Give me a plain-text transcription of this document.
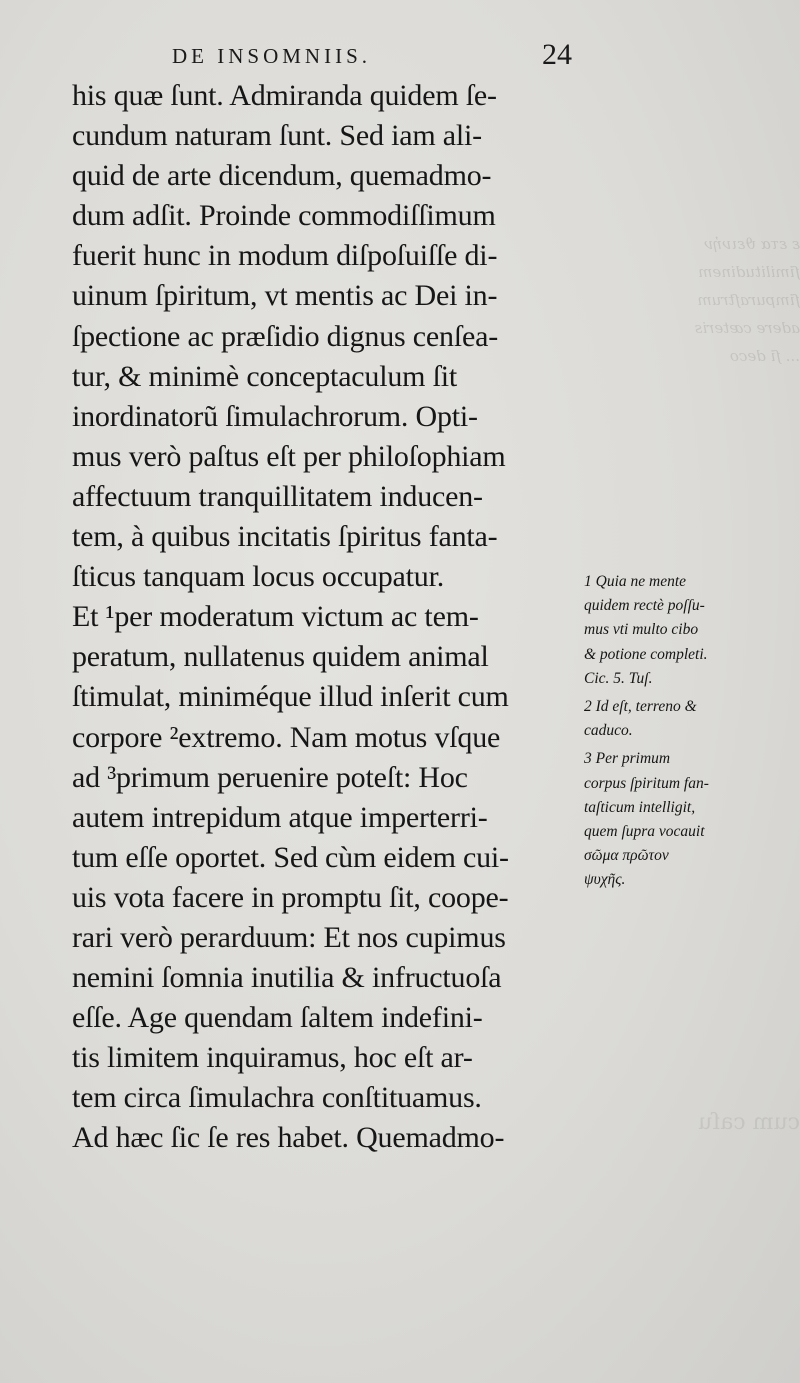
ε ετα ϑεινἠν
ſimilitudinem
ſimpuraſtrum
adere cæteris
... ſi deco
cum caſu
DE INSOMNIIS.	24
his quæ ſunt. Admiranda quidem ſe-
cundum naturam ſunt. Sed iam ali-
quid de arte dicendum, quemadmo-
dum adſit. Proinde commodiſſimum
fuerit hunc in modum diſpoſuiſſe di-
uinum ſpiritum, vt mentis ac Dei in-
ſpectione ac præſidio dignus cenſea-
tur, & minimè conceptaculum ſit
inordinatorũ ſimulachrorum. Opti-
mus verò paſtus eſt per philoſophiam
affectuum tranquillitatem inducen-
tem, à quibus incitatis ſpiritus fanta-
ſticus tanquam locus occupatur.
Et ¹per moderatum victum ac tem-
peratum, nullatenus quidem animal
ſtimulat, miniméque illud inſerit cum
corpore ²extremo. Nam motus vſque
ad ³primum peruenire poteſt: Hoc
autem intrepidum atque imperterri-
tum eſſe oportet. Sed cùm eidem cui-
uis vota facere in promptu ſit, coope-
rari verò perarduum: Et nos cupimus
nemini ſomnia inutilia & infructuoſa
eſſe. Age quendam ſaltem indefini-
tis limitem inquiramus, hoc eſt ar-
tem circa ſimulachra conſtituamus.
Ad hæc ſic ſe res habet. Quemadmo-
1 Quia ne mente
quidem rectè poſſu-
mus vti multo cibo
& potione completi.
Cic. 5. Tuſ.
2 Id eſt, terreno &
caduco.
3 Per primum
corpus ſpiritum fan-
taſticum intelligit,
quem ſupra vocauit
σῶμα πρῶτον
ψυχῆς.
